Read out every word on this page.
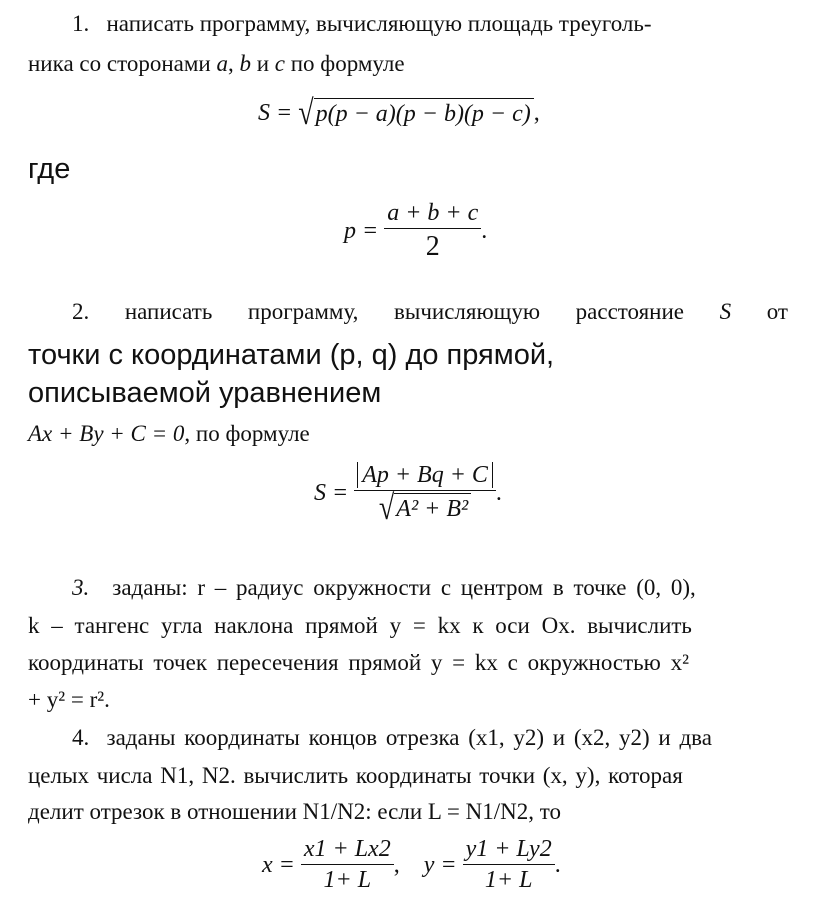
1. написать программу, вычисляющую площадь треуголь-
ника со сторонами a, b и c по формуле
S =
√ p(p − a)(p − b)(p − c) ,
где
p =
$\frac{a + b + c}{2}$ .
2. написать программу, вычисляющую расстояние S от
точки с координатами (p, q) до прямой,
описываемой уравнением
Ax + By + C = 0, по формуле
S =
$\frac{Ap + Bq + C}{\text{√ A² + B²}}$ .
3. заданы: r – радиус окружности с центром в точке (0, 0),
k – тангенс угла наклона прямой y = kx к оси Ox. вычислить
координаты точек пересечения прямой y = kx с окружностью x²
+ y² = r².
4. заданы координаты концов отрезка (x1, y2) и (x2, y2) и два
целых числа N1, N2. вычислить координаты точки (x, y), которая
делит отрезок в отношении N1/N2: если L = N1/N2, то
x =
$\frac{x1 + Lx2}{1+ L}$ , y =
$\frac{y1 + Ly2}{1+ L}$ .
